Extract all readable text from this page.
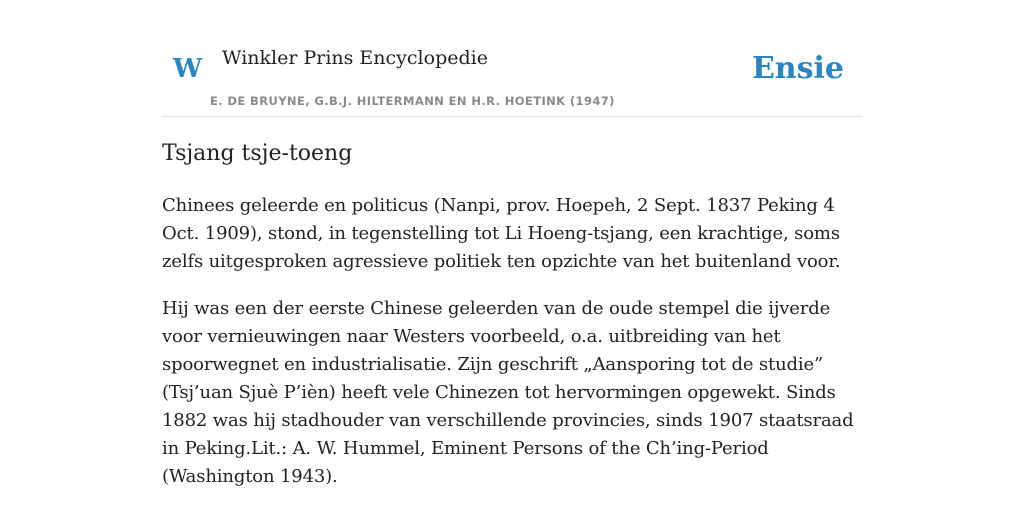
W Winkler Prins Encyclopedie
E. DE BRUYNE, G.B.J. HILTERMANN EN H.R. HOETINK (1947)
Ensie
Tsjang tsje-toeng

Chinees geleerde en politicus (Nanpi, prov. Hoepeh, 2 Sept. 1837 Peking 4 Oct. 1909), stond, in tegenstelling tot Li Hoeng-tsjang, een krachtige, soms zelfs uitgesproken agressieve politiek ten opzichte van het buitenland voor.

Hij was een der eerste Chinese geleerden van de oude stempel die ijverde voor vernieuwingen naar Westers voorbeeld, o.a. uitbreiding van het spoorwegnet en industrialisatie. Zijn geschrift „Aansporing tot de studie” (Tsj’uan Sjuè P’ièn) heeft vele Chinezen tot hervormingen opgewekt. Sinds 1882 was hij stadhouder van verschillende provincies, sinds 1907 staatsraad in Peking.Lit.: A. W. Hummel, Eminent Persons of the Ch’ing-Period (Washington 1943).
